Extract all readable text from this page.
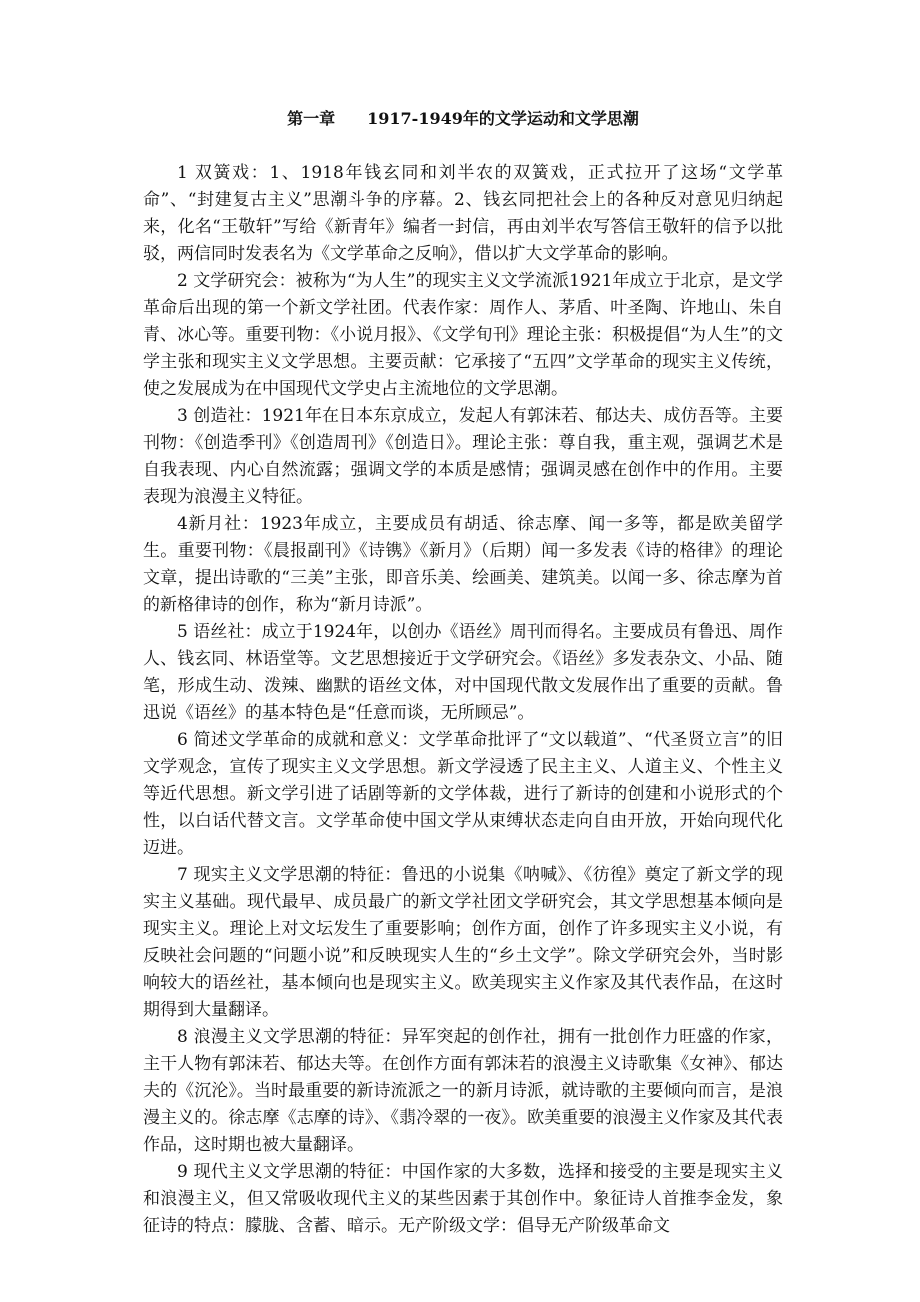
第一章　　1917-1949年的文学运动和文学思潮

1 双簧戏：1、1918年钱玄同和刘半农的双簧戏，正式拉开了这场“文学革命”、“封建复古主义”思潮斗争的序幕。2、钱玄同把社会上的各种反对意见归纳起来，化名“王敬轩”写给《新青年》编者一封信，再由刘半农写答信王敬轩的信予以批驳，两信同时发表名为《文学革命之反响》，借以扩大文学革命的影响。

2 文学研究会：被称为“为人生”的现实主义文学流派1921年成立于北京，是文学革命后出现的第一个新文学社团。代表作家：周作人、茅盾、叶圣陶、许地山、朱自青、冰心等。重要刊物：《小说月报》、《文学旬刊》理论主张：积极提倡“为人生”的文学主张和现实主义文学思想。主要贡献：它承接了“五四”文学革命的现实主义传统，使之发展成为在中国现代文学史占主流地位的文学思潮。

3 创造社：1921年在日本东京成立，发起人有郭沫若、郁达夫、成仿吾等。主要刊物：《创造季刊》《创造周刊》《创造日》。理论主张：尊自我，重主观，强调艺术是自我表现、内心自然流露；强调文学的本质是感情；强调灵感在创作中的作用。主要表现为浪漫主义特征。

4新月社：1923年成立，主要成员有胡适、徐志摩、闻一多等，都是欧美留学生。重要刊物：《晨报副刊》《诗镌》《新月》（后期）闻一多发表《诗的格律》的理论文章，提出诗歌的“三美”主张，即音乐美、绘画美、建筑美。以闻一多、徐志摩为首的新格律诗的创作，称为“新月诗派”。

5 语丝社：成立于1924年，以创办《语丝》周刊而得名。主要成员有鲁迅、周作人、钱玄同、林语堂等。文艺思想接近于文学研究会。《语丝》多发表杂文、小品、随笔，形成生动、泼辣、幽默的语丝文体，对中国现代散文发展作出了重要的贡献。鲁迅说《语丝》的基本特色是“任意而谈，无所顾忌”。

6 简述文学革命的成就和意义：文学革命批评了“文以载道”、“代圣贤立言”的旧文学观念，宣传了现实主义文学思想。新文学浸透了民主主义、人道主义、个性主义等近代思想。新文学引进了话剧等新的文学体裁，进行了新诗的创建和小说形式的个性，以白话代替文言。文学革命使中国文学从束缚状态走向自由开放，开始向现代化迈进。

7 现实主义文学思潮的特征：鲁迅的小说集《呐喊》、《彷徨》奠定了新文学的现实主义基础。现代最早、成员最广的新文学社团文学研究会，其文学思想基本倾向是现实主义。理论上对文坛发生了重要影响；创作方面，创作了许多现实主义小说，有反映社会问题的“问题小说”和反映现实人生的“乡土文学”。除文学研究会外，当时影响较大的语丝社，基本倾向也是现实主义。欧美现实主义作家及其代表作品，在这时期得到大量翻译。

8 浪漫主义文学思潮的特征：异军突起的创作社，拥有一批创作力旺盛的作家，主干人物有郭沫若、郁达夫等。在创作方面有郭沫若的浪漫主义诗歌集《女神》、郁达夫的《沉沦》。当时最重要的新诗流派之一的新月诗派，就诗歌的主要倾向而言，是浪漫主义的。徐志摩《志摩的诗》、《翡冷翠的一夜》。欧美重要的浪漫主义作家及其代表作品，这时期也被大量翻译。

9 现代主义文学思潮的特征：中国作家的大多数，选择和接受的主要是现实主义和浪漫主义，但又常吸收现代主义的某些因素于其创作中。象征诗人首推李金发，象征诗的特点：朦胧、含蓄、暗示。无产阶级文学：倡导无产阶级革命文
